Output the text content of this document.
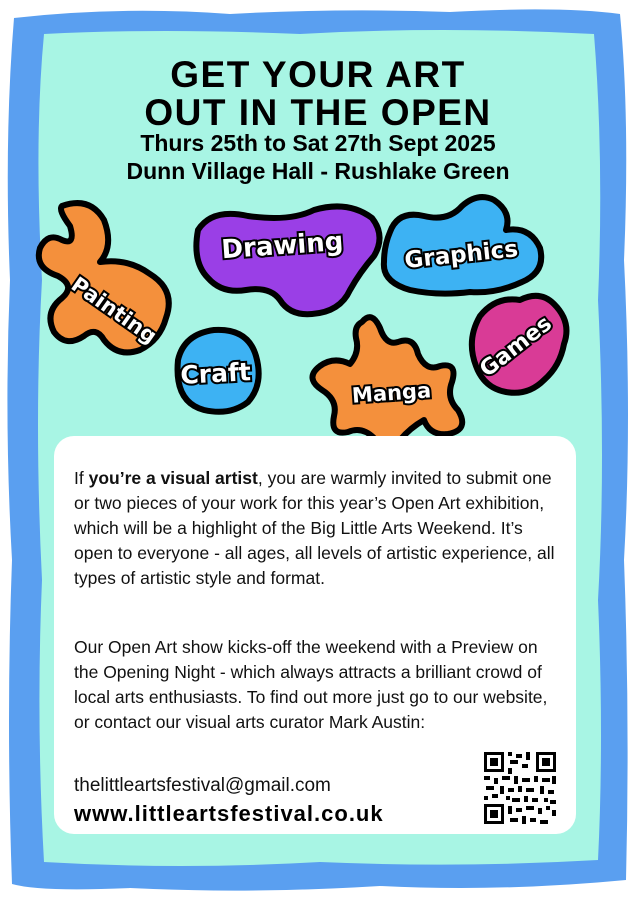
GET YOUR ART
OUT IN THE OPEN
Thurs 25th to Sat 27th Sept 2025
Dunn Village Hall - Rushlake Green
Painting
Drawing	Graphics
Craft
Manga
Games

If you’re a visual artist, you are warmly invited to submit one or two pieces of your work for this year’s Open Art exhibition, which will be a highlight of the Big Little Arts Weekend. It’s open to everyone - all ages, all levels of artistic experience, all types of artistic style and format.

Our Open Art show kicks-off the weekend with a Preview on the Opening Night - which always attracts a brilliant crowd of local arts enthusiasts. To find out more just go to our website, or contact our visual arts curator Mark Austin:

thelittleartsfestival@gmail.com

www.littleartsfestival.co.uk
